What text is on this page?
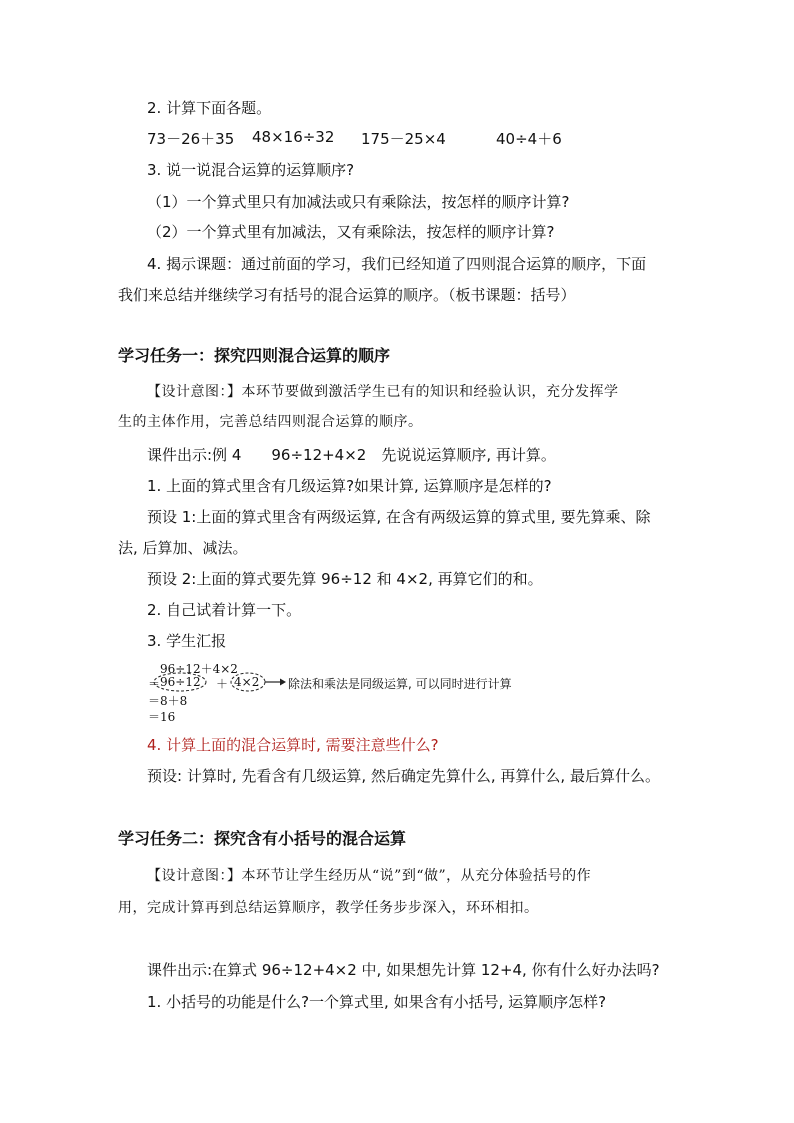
2. 计算下面各题。
73－26＋35 48×16÷32 175－25×4	40÷4＋6
3. 说一说混合运算的运算顺序?
（1）一个算式里只有加减法或只有乘除法，按怎样的顺序计算?
（2）一个算式里有加减法，又有乘除法，按怎样的顺序计算?
4. 揭示课题：通过前面的学习，我们已经知道了四则混合运算的顺序，下面
我们来总结并继续学习有括号的混合运算的顺序。（板书课题：括号）
学习任务一：探究四则混合运算的顺序
【设计意图：】本环节要做到激活学生已有的知识和经验认识，充分发挥学
生的主体作用，完善总结四则混合运算的顺序。
课件出示:例 4　　96÷12+4×2　先说说运算顺序, 再计算。
1. 上面的算式里含有几级运算?如果计算, 运算顺序是怎样的?
预设 1:上面的算式里含有两级运算, 在含有两级运算的算式里, 要先算乘、除
法, 后算加、减法。
预设 2:上面的算式要先算 96÷12 和 4×2, 再算它们的和。
2. 自己试着计算一下。
3. 学生汇报
96÷12＋4×2
＝ 96÷12 ＋ 4×2 除法和乘法是同级运算, 可以同时进行计算
＝8＋8
＝16
4. 计算上面的混合运算时, 需要注意些什么?
预设: 计算时, 先看含有几级运算, 然后确定先算什么, 再算什么, 最后算什么。
学习任务二：探究含有小括号的混合运算
【设计意图：】本环节让学生经历从“说”到“做”，从充分体验括号的作
用，完成计算再到总结运算顺序，教学任务步步深入，环环相扣。
课件出示:在算式 96÷12+4×2 中, 如果想先计算 12+4, 你有什么好办法吗?
1. 小括号的功能是什么?一个算式里, 如果含有小括号, 运算顺序怎样?
